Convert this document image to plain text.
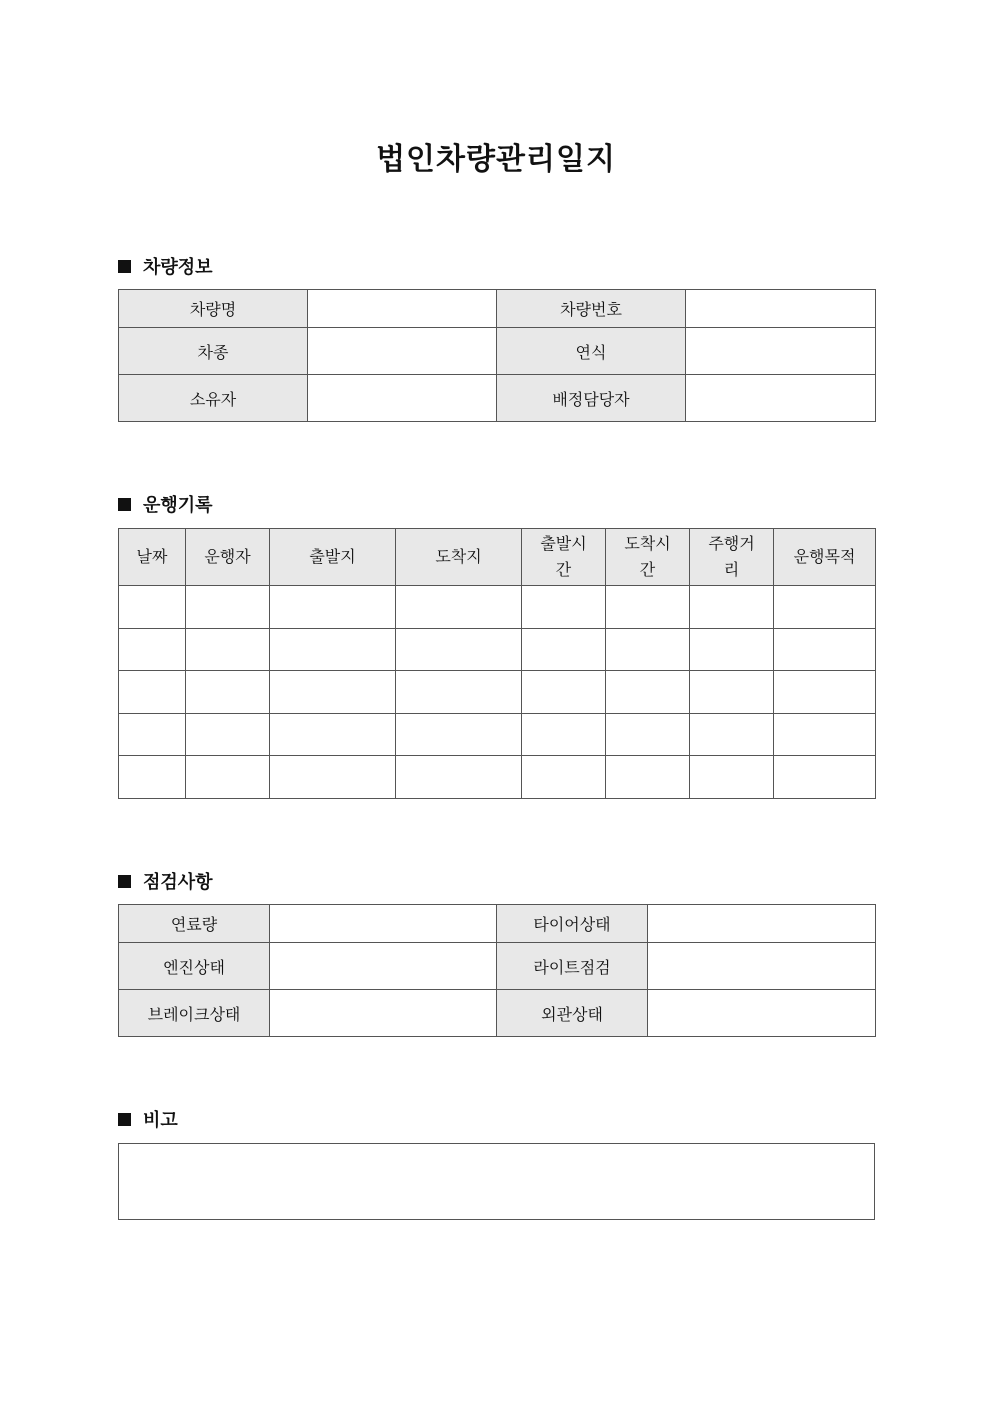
법인차량관리일지
차량정보
차량명		차량번호	
차종		연식	
소유자		배정담당자	
운행기록
날짜	운행자	출발지	도착지	출발시간	도착시간	주행거리	운행목적

점검사항
연료량		타이어상태	
엔진상태		라이트점검	
브레이크상태		외관상태	
비고
